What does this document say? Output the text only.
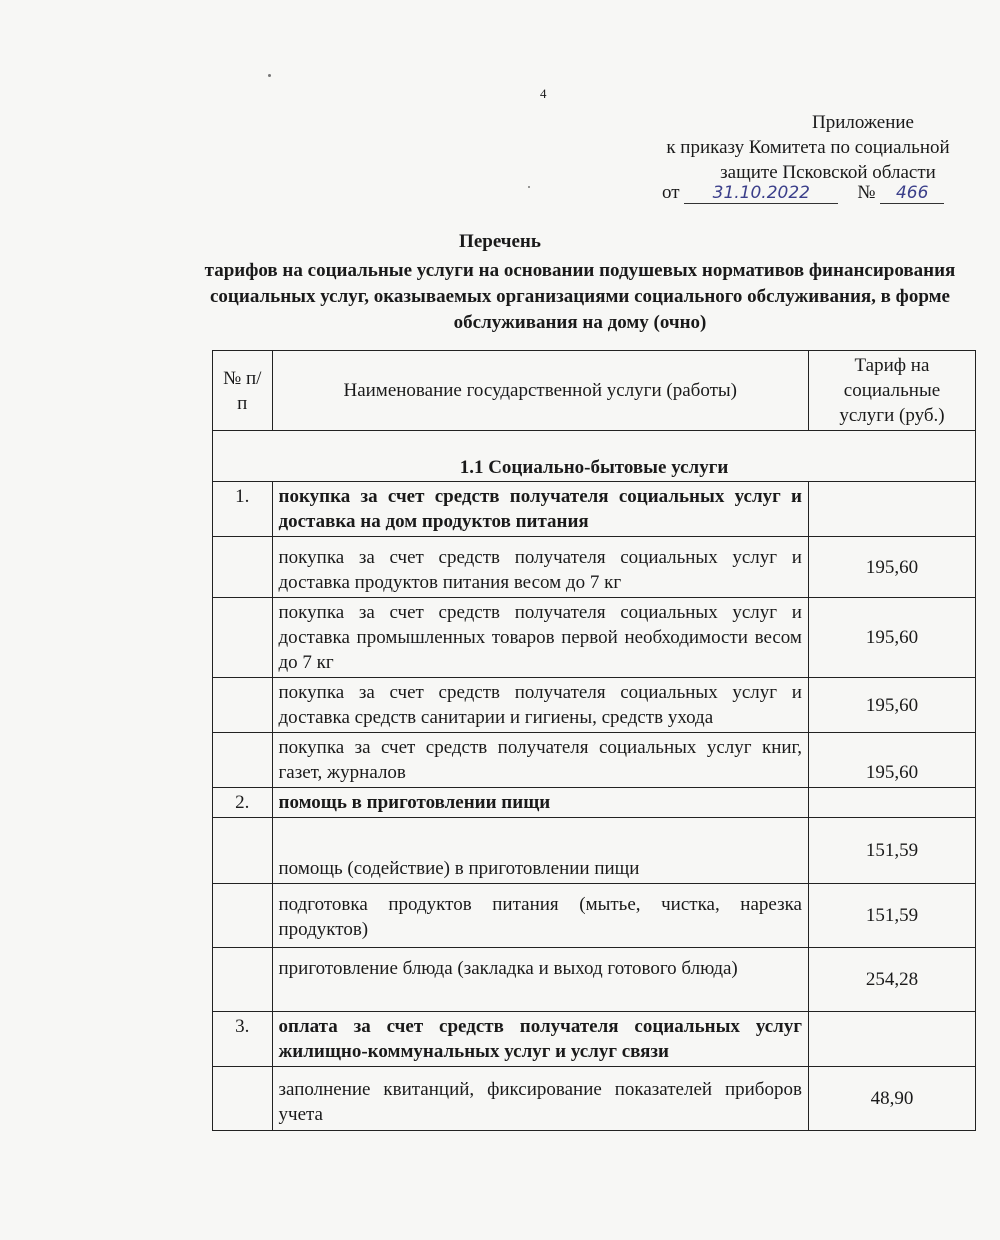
4
Приложение
к приказу Комитета по социальной
защите Псковской области
от 31.10.2022 № 466
Перечень
тарифов на социальные услуги на основании подушевых нормативов финансирования социальных услуг, оказываемых организациями социального обслуживания, в форме обслуживания на дому (очно)
№ п/п	Наименование государственной услуги (работы)	Тариф на социальные услуги (руб.)
1.1 Социально-бытовые услуги		
1.	покупка за счет средств получателя социальных услуг и доставка на дом продуктов питания	
	покупка за счет средств получателя социальных услуг и доставка продуктов питания весом до 7 кг	195,60
	покупка за счет средств получателя социальных услуг и доставка промышленных товаров первой необходимости весом до 7 кг	195,60
	покупка за счет средств получателя социальных услуг и доставка средств санитарии и гигиены, средств ухода	195,60
	покупка за счет средств получателя социальных услуг книг, газет, журналов	195,60
2.	помощь в приготовлении пищи	
	помощь (содействие) в приготовлении пищи	151,59
	подготовка продуктов питания (мытье, чистка, нарезка продуктов)	151,59
	приготовление блюда (закладка и выход готового блюда)	254,28
3.	оплата за счет средств получателя социальных услуг жилищно-коммунальных услуг и услуг связи	
	заполнение квитанций, фиксирование показателей приборов учета	48,90
